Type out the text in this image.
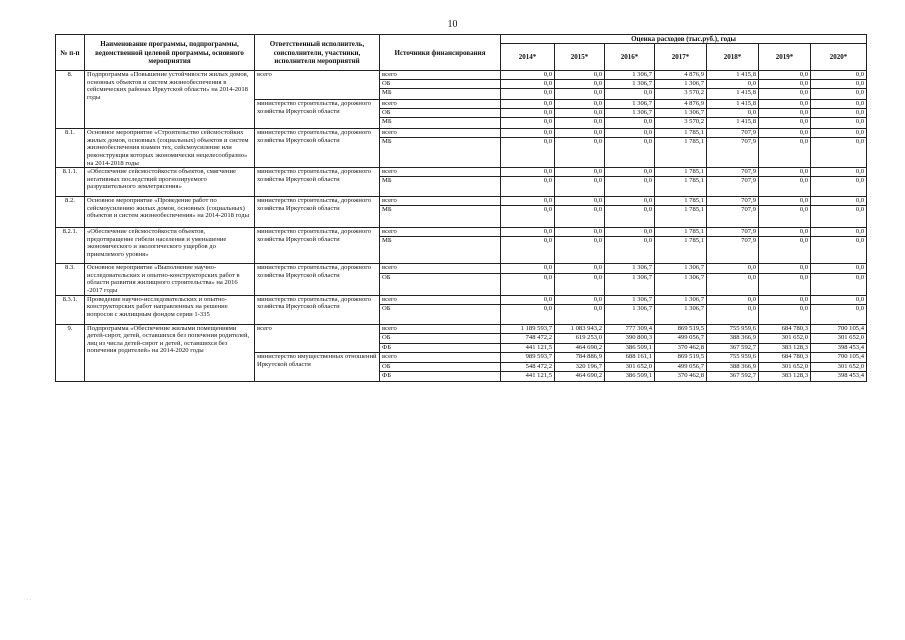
10
№ п-п	Наименование программы, подпрограммы, ведомственной целевой программы, основного мероприятия	Ответственный исполнитель, соисполнители, участники, исполнители мероприятий	Источники финансирования	Оценка расходов (тыс.руб.), годы						
				2014*	2015*	2016*	2017*	2018*	2019*	2020*
8.	Подпрограмма «Повышение устойчивости жилых домов, основных объектов и систем жизнеобеспечения в сейсмических районах Иркутской области» на 2014-2018 годы	всего	всего	0,0	0,0	1 306,7	4 876,9	1 415,8	0,0	0,0
			ОБ	0,0	0,0	1 306,7	1 306,7	0,0	0,0	0,0
			МБ	0,0	0,0	0,0	3 570,2	1 415,8	0,0	0,0
		министерство строительства, дорожного хозяйства Иркутской области	всего	0,0	0,0	1 306,7	4 876,9	1 415,8	0,0	0,0
			ОБ	0,0	0,0	1 306,7	1 306,7	0,0	0,0	0,0
			МБ	0,0	0,0	0,0	3 570,2	1 415,8	0,0	0,0
8.1.	Основное мероприятие «Строительство сейсмостойких жилых домов, основных (социальных) объектов и систем жизнеобеспечения взамен тех, сейсмоусиление или реконструкция которых экономически нецелесообразно» на 2014-2018 годы	министерство строительства, дорожного хозяйства Иркутской области	всего	0,0	0,0	0,0	1 785,1	707,9	0,0	0,0
			МБ	0,0	0,0	0,0	1 785,1	707,9	0,0	0,0
8.1.1.	«Обеспечение сейсмостойкости объектов, смягчение негативных последствий прогнозируемого разрушительного землетрясения»	министерство строительства, дорожного хозяйства Иркутской области	всего	0,0	0,0	0,0	1 785,1	707,9	0,0	0,0
			МБ	0,0	0,0	0,0	1 785,1	707,9	0,0	0,0
8.2.	Основное мероприятие «Проведение работ по сейсмоусилению жилых домов, основных (социальных) объектов и систем жизнеобеспечения» на 2014-2018 годы	министерство строительства, дорожного хозяйства Иркутской области	всего	0,0	0,0	0,0	1 785,1	707,9	0,0	0,0
			МБ	0,0	0,0	0,0	1 785,1	707,9	0,0	0,0
8.2.1.	«Обеспечение сейсмостойкости объектов, предотвращение гибели населения и уменьшение экономического и экологического ущербов до приемлемого уровня»	министерство строительства, дорожного хозяйства Иркутской области	всего	0,0	0,0	0,0	1 785,1	707,9	0,0	0,0
			МБ	0,0	0,0	0,0	1 785,1	707,9	0,0	0,0
8.3.	Основное мероприятие «Выполнение научно-исследовательских и опытно-конструкторских работ в области развития жилищного строительства» на 2016 -2017 годы	министерство строительства, дорожного хозяйства Иркутской области	всего	0,0	0,0	1 306,7	1 306,7	0,0	0,0	0,0
			ОБ	0,0	0,0	1 306,7	1 306,7	0,0	0,0	0,0
8.3.1.	Проведение научно-исследовательских и опытно-конструкторских работ направленных на решение вопросов с жилищным фондом серии 1-335	министерство строительства, дорожного хозяйства Иркутской области	всего	0,0	0,0	1 306,7	1 306,7	0,0	0,0	0,0
			ОБ	0,0	0,0	1 306,7	1 306,7	0,0	0,0	0,0
9.	Подпрограмма «Обеспечение жилыми помещениями детей-сирот, детей, оставшихся без попечения родителей, лиц из числа детей-сирот и детей, оставшихся без попечения родителей» на 2014-2020 годы	всего	всего	1 189 593,7	1 083 943,2	777 309,4	869 519,5	755 959,6	684 780,3	700 105,4
			ОБ	748 472,2	619 253,0	390 800,3	499 056,7	388 366,9	301 652,0	301 652,0
			ФБ	441 121,5	464 690,2	386 509,1	370 462,8	367 592,7	383 128,3	398 453,4
		министерство имущественных отношений Иркутской области	всего	989 593,7	784 886,9	688 161,1	869 519,5	755 959,6	684 780,3	700 105,4
			ОБ	548 472,2	320 196,7	301 652,0	499 056,7	388 366,9	301 652,0	301 652,0
			ФБ	441 121,5	464 690,2	386 509,1	370 462,8	367 592,7	383 128,3	398 453,4
. .
